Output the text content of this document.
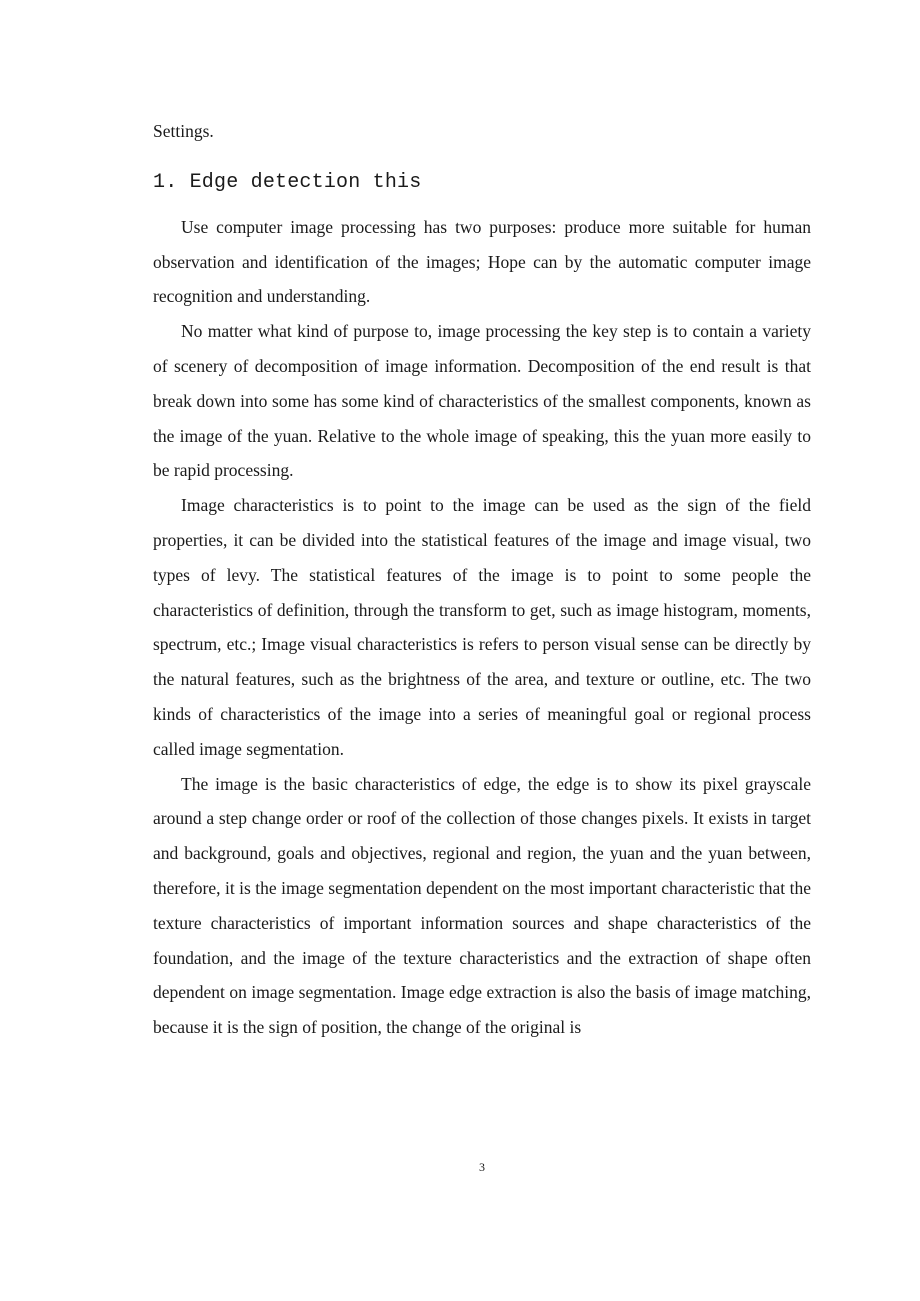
Settings.

1. Edge detection this

Use computer image processing has two purposes: produce more suitable for human observation and identification of the images; Hope can by the automatic computer image recognition and understanding.

No matter what kind of purpose to, image processing the key step is to contain a variety of scenery of decomposition of image information. Decomposition of the end result is that break down into some has some kind of characteristics of the smallest components, known as the image of the yuan. Relative to the whole image of speaking, this the yuan more easily to be rapid processing.

Image characteristics is to point to the image can be used as the sign of the field properties, it can be divided into the statistical features of the image and image visual, two types of levy. The statistical features of the image is to point to some people the characteristics of definition, through the transform to get, such as image histogram, moments, spectrum, etc.; Image visual characteristics is refers to person visual sense can be directly by the natural features, such as the brightness of the area, and texture or outline, etc. The two kinds of characteristics of the image into a series of meaningful goal or regional process called image segmentation.

The image is the basic characteristics of edge, the edge is to show its pixel grayscale around a step change order or roof of the collection of those changes pixels. It exists in target and background, goals and objectives, regional and region, the yuan and the yuan between, therefore, it is the image segmentation dependent on the most important characteristic that the texture characteristics of important information sources and shape characteristics of the foundation, and the image of the texture characteristics and the extraction of shape often dependent on image segmentation. Image edge extraction is also the basis of image matching, because it is the sign of position, the change of the original is

3
